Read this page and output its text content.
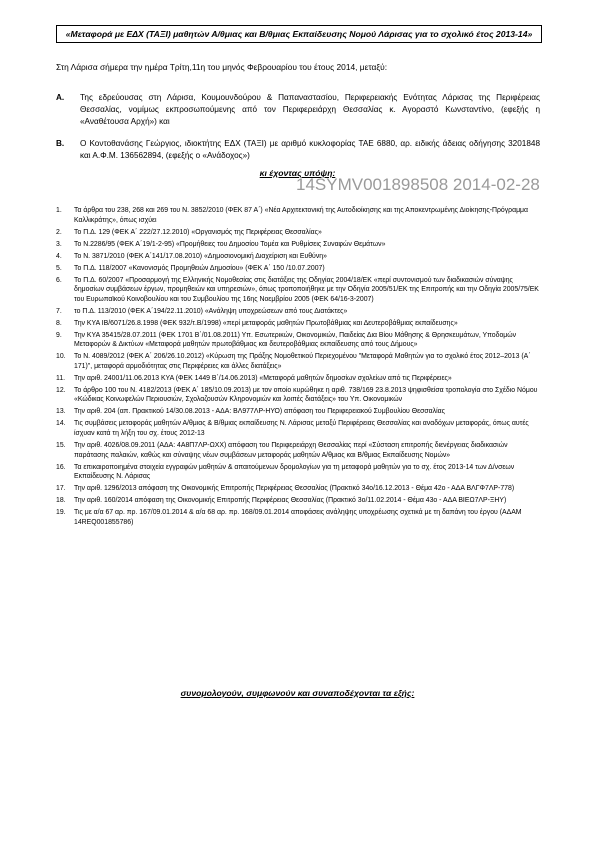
«Μεταφορά με ΕΔΧ (ΤΑΞΙ) μαθητών Α/θμιας και Β/θμιας Εκπαίδευσης Νομού Λάρισας για το σχολικό έτος 2013-14»
Στη Λάρισα σήμερα την ημέρα Τρίτη,11η του μηνός Φεβρουαρίου του έτους 2014, μεταξύ:
Α. Της εδρεύουσας στη Λάρισα, Κουμουνδούρου & Παπαναστασίου, Περιφερειακής Ενότητας Λάρισας της Περιφέρειας Θεσσαλίας, νομίμως εκπροσωπούμενης από τον Περιφερειάρχη Θεσσαλίας κ. Αγοραστό Κωνσταντίνο, (εφεξής η «Αναθέτουσα Αρχή») και
Β. Ο Κοντοθανάσης Γεώργιος, ιδιοκτήτης ΕΔΧ (ΤΑΞΙ) με αριθμό κυκλοφορίας ΤΑΕ 6880, αρ. ειδικής άδειας οδήγησης 3201848 και Α.Φ.Μ. 136562894, (εφεξής ο «Ανάδοχος»)
κι έχοντας υπόψη:
14SYMV001898508 2014-02-28
1. Τα άρθρα του 238, 268 και 269 του Ν. 3852/2010 (ΦΕΚ 87 Α΄) «Νέα Αρχιτεκτονική της Αυτοδιοίκησης και της Αποκεντρωμένης Διοίκησης-Πρόγραμμα Καλλικράτης», όπως ισχύει
2. Το Π.Δ. 129 (ΦΕΚ Α΄ 222/27.12.2010) «Οργανισμός της Περιφέρειας Θεσσαλίας»
3. Το Ν.2286/95 (ΦΕΚ Α΄19/1-2-95) «Προμήθειες του Δημοσίου Τομέα και Ρυθμίσεις Συναφών Θεμάτων»
4. Το Ν. 3871/2010 (ΦΕΚ Α΄141/17.08.2010) «Δημοσιονομική Διαχείριση και Ευθύνη»
5. Το Π.Δ. 118/2007 «Κανονισμός Προμηθειών Δημοσίου» (ΦΕΚ Α΄ 150 /10.07.2007)
6. Το Π.Δ. 60/2007 «Προσαρμογή της Ελληνικής Νομοθεσίας στις διατάξεις της Οδηγίας 2004/18/ΕΚ «περί συντονισμού των διαδικασιών σύναψης δημοσίων συμβάσεων έργων, προμηθειών και υπηρεσιών», όπως τροποποιήθηκε με την Οδηγία 2005/51/ΕΚ της Επιτροπής και την Οδηγία 2005/75/ΕΚ του Ευρωπαϊκού Κοινοβουλίου και του Συμβουλίου της 16ης Νοεμβρίου 2005 (ΦΕΚ 64/16-3-2007)
7. το Π.Δ. 113/2010 (ΦΕΚ Α΄194/22.11.2010) «Ανάληψη υποχρεώσεων από τους Διατάκτες»
8. Την ΚΥΑ ΙΒ/6071/26.8.1998 (ΦΕΚ 932/τ.Β/1998) «περί μεταφοράς μαθητών Πρωτοβάθμιας και Δευτεροβάθμιας εκπαίδευσης»
9. Την ΚΥΑ 35415/28.07.2011 (ΦΕΚ 1701 Β΄/01.08.2011) Υπ. Εσωτερικών, Οικονομικών, Παιδείας Δια Βίου Μάθησης & Θρησκευμάτων, Υποδομών Μεταφορών & Δικτύων «Μεταφορά μαθητών πρωτοβάθμιας και δευτεροβάθμιας εκπαίδευσης από τους Δήμους»
10. Το Ν. 4089/2012 (ΦΕΚ Α΄ 206/26.10.2012) «Κύρωση της Πράξης Νομοθετικού Περιεχομένου "Μεταφορά Μαθητών για το σχολικό έτος 2012–2013 (Α΄ 171)", μεταφορά αρμοδιότητας στις Περιφέρειες και άλλες διατάξεις»
11. Την αριθ. 24001/11.06.2013 ΚΥΑ (ΦΕΚ 1449 Β΄/14.06.2013) «Μεταφορά μαθητών δημοσίων σχολείων από τις Περιφέρειες»
12. Το άρθρο 100 του Ν. 4182/2013 (ΦΕΚ Α΄ 185/10.09.2013) με τον οποίο κυρώθηκε η αριθ. 738/169 23.8.2013 ψηφισθείσα τροπολογία στο Σχέδιο Νόμου «Κώδικας Κοινωφελών Περιουσιών, Σχολαζουσών Κληρονομιών και λοιπές διατάξεις» του Υπ. Οικονομικών
13. Την αριθ. 204 (απ. Πρακτικού 14/30.08.2013 - ΑΔΑ: ΒΛ977ΛΡ-ΗΥΟ) απόφαση του Περιφερειακού Συμβουλίου Θεσσαλίας
14. Τις συμβάσεις μεταφοράς μαθητών Α/θμιας & Β/θμιας εκπαίδευσης Ν. Λάρισας μεταξύ Περιφέρειας Θεσσαλίας και αναδόχων μεταφοράς, όπως αυτές ίσχυαν κατά τη λήξη του σχ. έτους 2012-13
15. Την αριθ. 4026/08.09.2011 (ΑΔΑ: 4Α8Π7ΛΡ-ΩΧΧ) απόφαση του Περιφερειάρχη Θεσσαλίας περί «Σύσταση επιτροπής διενέργειας διαδικασιών παράτασης παλαιών, καθώς και σύναψης νέων συμβάσεων μεταφοράς μαθητών Α/θμιας και Β/θμιας Εκπαίδευσης Νομών»
16. Τα επικαιροποιημένα στοιχεία εγγραφών μαθητών & απαιτούμενων δρομολογίων για τη μεταφορά μαθητών για το σχ. έτος 2013-14 των Δ/νσεων Εκπαίδευσης Ν. Λάρισας
17. Την αριθ. 1296/2013 απόφαση της Οικονομικής Επιτροπής Περιφέρειας Θεσσαλίας (Πρακτικό 34ο/16.12.2013 - Θέμα 42ο - ΑΔΑ ΒΛΓΦ7ΛΡ-778)
18. Την αριθ. 160/2014 απόφαση της Οικονομικής Επιτροπής Περιφέρειας Θεσσαλίας (Πρακτικό 3ο/11.02.2014 - Θέμα 43ο - ΑΔΑ ΒΙΕΩ7ΛΡ-ΞΗΥ)
19. Τις με α/α 67 αρ. πρ. 167/09.01.2014 & α/α 68 αρ. πρ. 168/09.01.2014 αποφάσεις ανάληψης υποχρέωσης σχετικά με τη δαπάνη του έργου (ΑΔΑΜ 14REQ001855786)
συνομολογούν, συμφωνούν και συναποδέχονται τα εξής:
